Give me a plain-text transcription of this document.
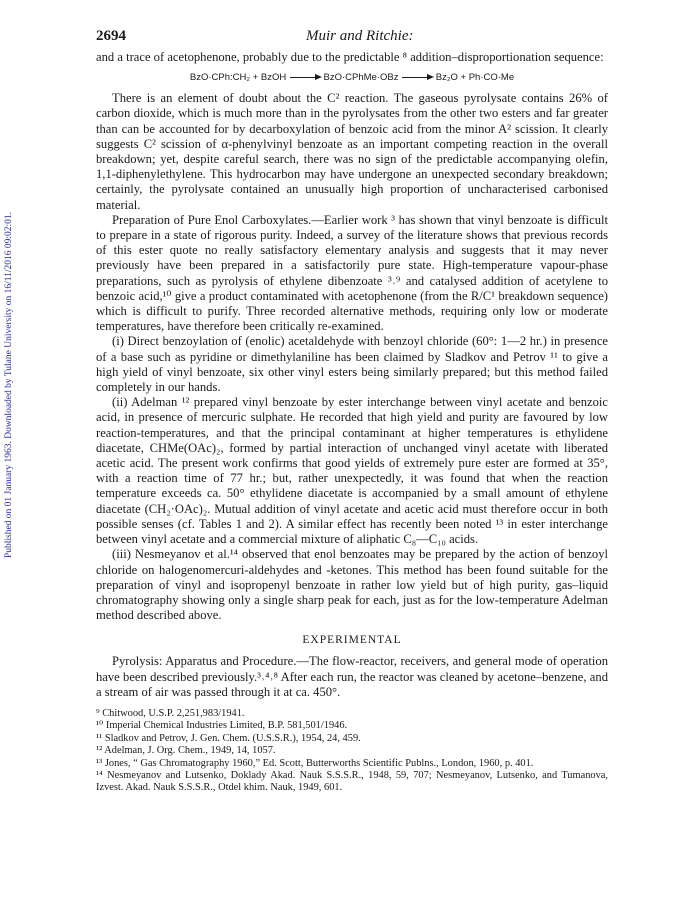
Published on 01 January 1963. Downloaded by Tulane University on 16/11/2016 09:02:01.
2694	Muir and Ritchie:

and a trace of acetophenone, probably due to the predictable ⁸ addition–disproportionation sequence:

BzO·CPh:CH₂ + BzOH → BzO·CPhMe·OBz → Bz₂O + Ph·CO·Me

There is an element of doubt about the C² reaction. The gaseous pyrolysate contains 26% of carbon dioxide, which is much more than in the pyrolysates from the other two esters and far greater than can be accounted for by decarboxylation of benzoic acid from the minor A² scission. It clearly suggests C² scission of α-phenylvinyl benzoate as an important competing reaction in the overall breakdown; yet, despite careful search, there was no sign of the predictable accompanying olefin, 1,1-diphenylethylene. This hydrocarbon may have undergone an unexpected secondary breakdown; certainly, the pyrolysate contained an unusually high proportion of uncharacterised carbonised material.

Preparation of Pure Enol Carboxylates.—Earlier work ³ has shown that vinyl benzoate is difficult to prepare in a state of rigorous purity. Indeed, a survey of the literature shows that previous records of this ester quote no really satisfactory elementary analysis and suggests that it may never previously have been prepared in a satisfactorily pure state. High-temperature vapour-phase preparations, such as pyrolysis of ethylene dibenzoate ³˒⁹ and catalysed addition of acetylene to benzoic acid,¹⁰ give a product contaminated with acetophenone (from the R/C¹ breakdown sequence) which is difficult to purify. Three recorded alternative methods, requiring only low or moderate temperatures, have therefore been critically re-examined.

(i) Direct benzoylation of (enolic) acetaldehyde with benzoyl chloride (60°: 1—2 hr.) in presence of a base such as pyridine or dimethylaniline has been claimed by Sladkov and Petrov ¹¹ to give a high yield of vinyl benzoate, six other vinyl esters being similarly prepared; but this method failed completely in our hands.

(ii) Adelman ¹² prepared vinyl benzoate by ester interchange between vinyl acetate and benzoic acid, in presence of mercuric sulphate. He recorded that high yield and purity are favoured by low reaction-temperatures, and that the principal contaminant at higher temperatures is ethylidene diacetate, CHMe(OAc)₂, formed by partial interaction of unchanged vinyl acetate with liberated acetic acid. The present work confirms that good yields of extremely pure ester are formed at 35°, with a reaction time of 77 hr.; but, rather unexpectedly, it was found that when the reaction temperature exceeds ca. 50° ethylidene diacetate is accompanied by a small amount of ethylene diacetate (CH₂·OAc)₂. Mutual addition of vinyl acetate and acetic acid must therefore occur in both possible senses (cf. Tables 1 and 2). A similar effect has recently been noted ¹³ in ester interchange between vinyl acetate and a commercial mixture of aliphatic C₈—C₁₀ acids.

(iii) Nesmeyanov et al.¹⁴ observed that enol benzoates may be prepared by the action of benzoyl chloride on halogenomercuri-aldehydes and -ketones. This method has been found suitable for the preparation of vinyl and isopropenyl benzoate in rather low yield but of high purity, gas–liquid chromatography showing only a single sharp peak for each, just as for the low-temperature Adelman method described above.

EXPERIMENTAL

Pyrolysis: Apparatus and Procedure.—The flow-reactor, receivers, and general mode of operation have been described previously.³˒⁴˒⁸ After each run, the reactor was cleaned by acetone–benzene, and a stream of air was passed through it at ca. 450°.

⁹ Chitwood, U.S.P. 2,251,983/1941.

¹⁰ Imperial Chemical Industries Limited, B.P. 581,501/1946.

¹¹ Sladkov and Petrov, J. Gen. Chem. (U.S.S.R.), 1954, 24, 459.

¹² Adelman, J. Org. Chem., 1949, 14, 1057.

¹³ Jones, “ Gas Chromatography 1960,” Ed. Scott, Butterworths Scientific Publns., London, 1960, p. 401.

¹⁴ Nesmeyanov and Lutsenko, Doklady Akad. Nauk S.S.S.R., 1948, 59, 707; Nesmeyanov, Lutsenko, and Tumanova, Izvest. Akad. Nauk S.S.S.R., Otdel khim. Nauk, 1949, 601.
